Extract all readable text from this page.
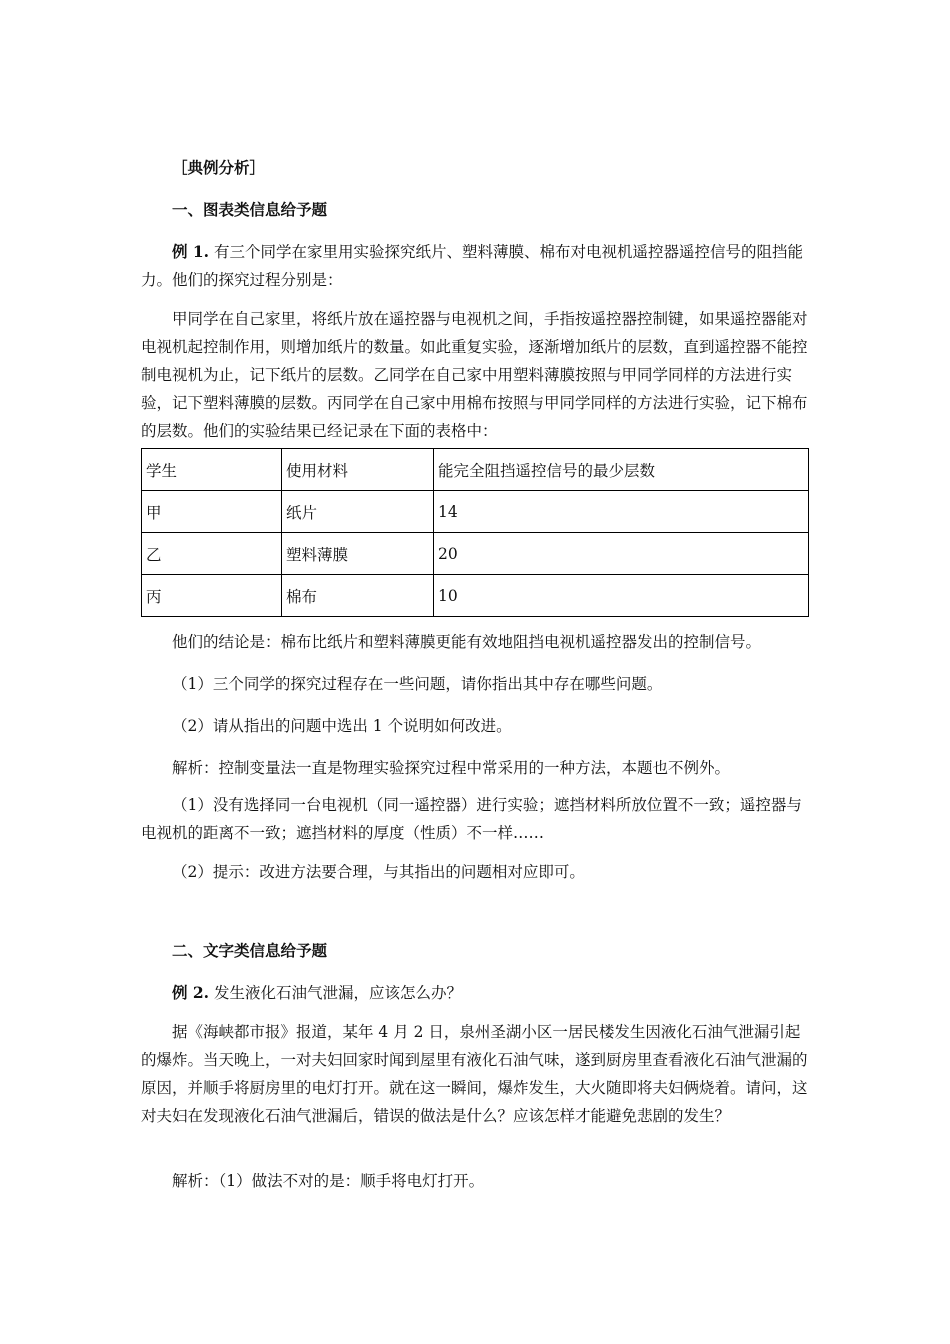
［典例分析］
一、图表类信息给予题

例 1. 有三个同学在家里用实验探究纸片、塑料薄膜、棉布对电视机遥控器遥控信号的阻挡能力。他们的探究过程分别是：

甲同学在自己家里，将纸片放在遥控器与电视机之间，手指按遥控器控制键，如果遥控器能对电视机起控制作用，则增加纸片的数量。如此重复实验，逐渐增加纸片的层数，直到遥控器不能控制电视机为止，记下纸片的层数。乙同学在自己家中用塑料薄膜按照与甲同学同样的方法进行实验，记下塑料薄膜的层数。丙同学在自己家中用棉布按照与甲同学同样的方法进行实验，记下棉布的层数。他们的实验结果已经记录在下面的表格中：

学生	使用材料	能完全阻挡遥控信号的最少层数
甲	纸片	14
乙	塑料薄膜	20
丙	棉布	10
他们的结论是：棉布比纸片和塑料薄膜更能有效地阻挡电视机遥控器发出的控制信号。
（1）三个同学的探究过程存在一些问题，请你指出其中存在哪些问题。
（2）请从指出的问题中选出 1 个说明如何改进。
解析：控制变量法一直是物理实验探究过程中常采用的一种方法，本题也不例外。

（1）没有选择同一台电视机（同一遥控器）进行实验；遮挡材料所放位置不一致；遥控器与电视机的距离不一致；遮挡材料的厚度（性质）不一样……

（2）提示：改进方法要合理，与其指出的问题相对应即可。
二、文字类信息给予题
例 2. 发生液化石油气泄漏，应该怎么办？

据《海峡都市报》报道，某年 4 月 2 日，泉州圣湖小区一居民楼发生因液化石油气泄漏引起的爆炸。当天晚上，一对夫妇回家时闻到屋里有液化石油气味，遂到厨房里查看液化石油气泄漏的原因，并顺手将厨房里的电灯打开。就在这一瞬间，爆炸发生，大火随即将夫妇俩烧着。请问，这对夫妇在发现液化石油气泄漏后，错误的做法是什么？应该怎样才能避免悲剧的发生？

解析：（1）做法不对的是：顺手将电灯打开。
